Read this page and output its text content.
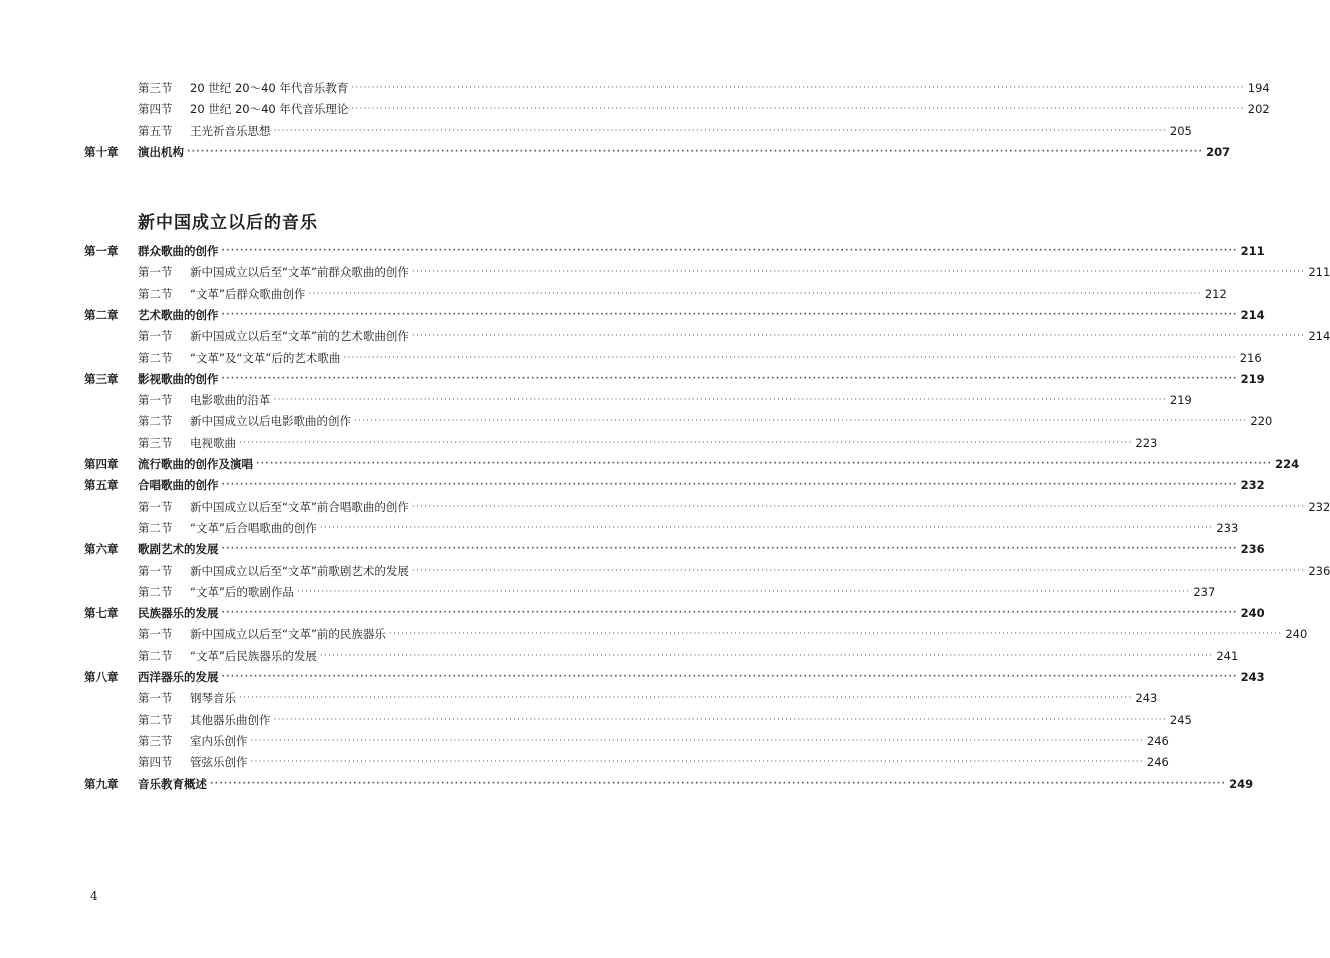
第三节 20 世纪 20～40 年代音乐教育 ···························································································································································································································· 194
第四节 20 世纪 20～40 年代音乐理论 ···························································································································································································································· 202
第五节 王光祈音乐思想 ···························································································································································································································· 205
第十章 演出机构 ···························································································································································································································· 207
新中国成立以后的音乐
第一章 群众歌曲的创作 ···························································································································································································································· 211
第一节 新中国成立以后至“文革”前群众歌曲的创作 ···························································································································································································································· 211
第二节 “文革”后群众歌曲创作 ···························································································································································································································· 212
第二章 艺术歌曲的创作 ···························································································································································································································· 214
第一节 新中国成立以后至“文革”前的艺术歌曲创作 ···························································································································································································································· 214
第二节 “文革”及“文革”后的艺术歌曲 ···························································································································································································································· 216
第三章 影视歌曲的创作 ···························································································································································································································· 219
第一节 电影歌曲的沿革 ···························································································································································································································· 219
第二节 新中国成立以后电影歌曲的创作 ···························································································································································································································· 220
第三节 电视歌曲 ···························································································································································································································· 223
第四章 流行歌曲的创作及演唱 ···························································································································································································································· 224
第五章 合唱歌曲的创作 ···························································································································································································································· 232
第一节 新中国成立以后至“文革”前合唱歌曲的创作 ···························································································································································································································· 232
第二节 “文革”后合唱歌曲的创作 ···························································································································································································································· 233
第六章 歌剧艺术的发展 ···························································································································································································································· 236
第一节 新中国成立以后至“文革”前歌剧艺术的发展 ···························································································································································································································· 236
第二节 “文革”后的歌剧作品 ···························································································································································································································· 237
第七章 民族器乐的发展 ···························································································································································································································· 240
第一节 新中国成立以后至“文革”前的民族器乐 ···························································································································································································································· 240
第二节 “文革”后民族器乐的发展 ···························································································································································································································· 241
第八章 西洋器乐的发展 ···························································································································································································································· 243
第一节 钢琴音乐 ···························································································································································································································· 243
第二节 其他器乐曲创作 ···························································································································································································································· 245
第三节 室内乐创作 ···························································································································································································································· 246
第四节 管弦乐创作 ···························································································································································································································· 246
第九章 音乐教育概述 ···························································································································································································································· 249
4
